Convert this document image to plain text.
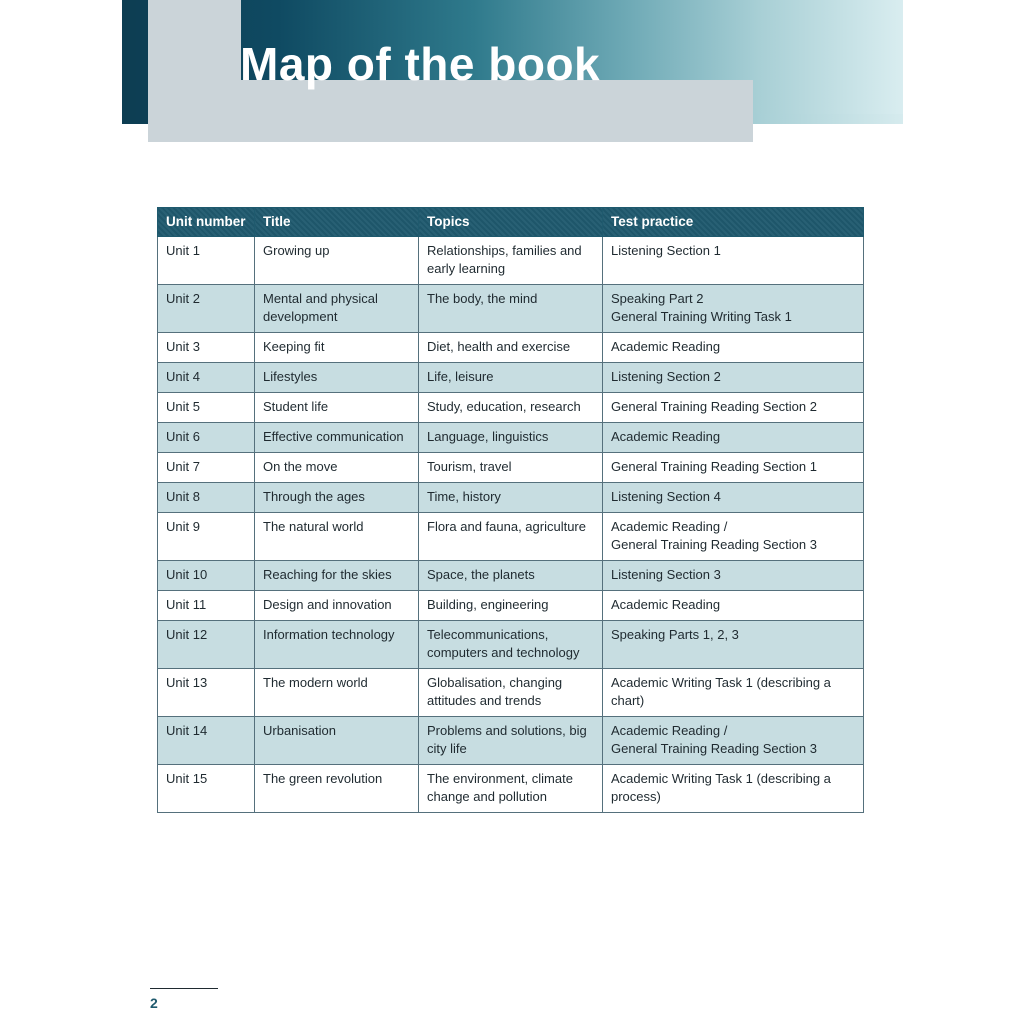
Map of the book
Unit number	Title	Topics	Test practice
Unit 1	Growing up	Relationships, families and early learning	Listening Section 1
Unit 2	Mental and physical development	The body, the mind	Speaking Part 2
General Training Writing Task 1
Unit 3	Keeping fit	Diet, health and exercise	Academic Reading
Unit 4	Lifestyles	Life, leisure	Listening Section 2
Unit 5	Student life	Study, education, research	General Training Reading Section 2
Unit 6	Effective communication	Language, linguistics	Academic Reading
Unit 7	On the move	Tourism, travel	General Training Reading Section 1
Unit 8	Through the ages	Time, history	Listening Section 4
Unit 9	The natural world	Flora and fauna, agriculture	Academic Reading /
General Training Reading Section 3
Unit 10	Reaching for the skies	Space, the planets	Listening Section 3
Unit 11	Design and innovation	Building, engineering	Academic Reading
Unit 12	Information technology	Telecommunications, computers and technology	Speaking Parts 1, 2, 3
Unit 13	The modern world	Globalisation, changing attitudes and trends	Academic Writing Task 1 (describing a chart)
Unit 14	Urbanisation	Problems and solutions, big city life	Academic Reading /
General Training Reading Section 3
Unit 15	The green revolution	The environment, climate change and pollution	Academic Writing Task 1 (describing a process)
2
